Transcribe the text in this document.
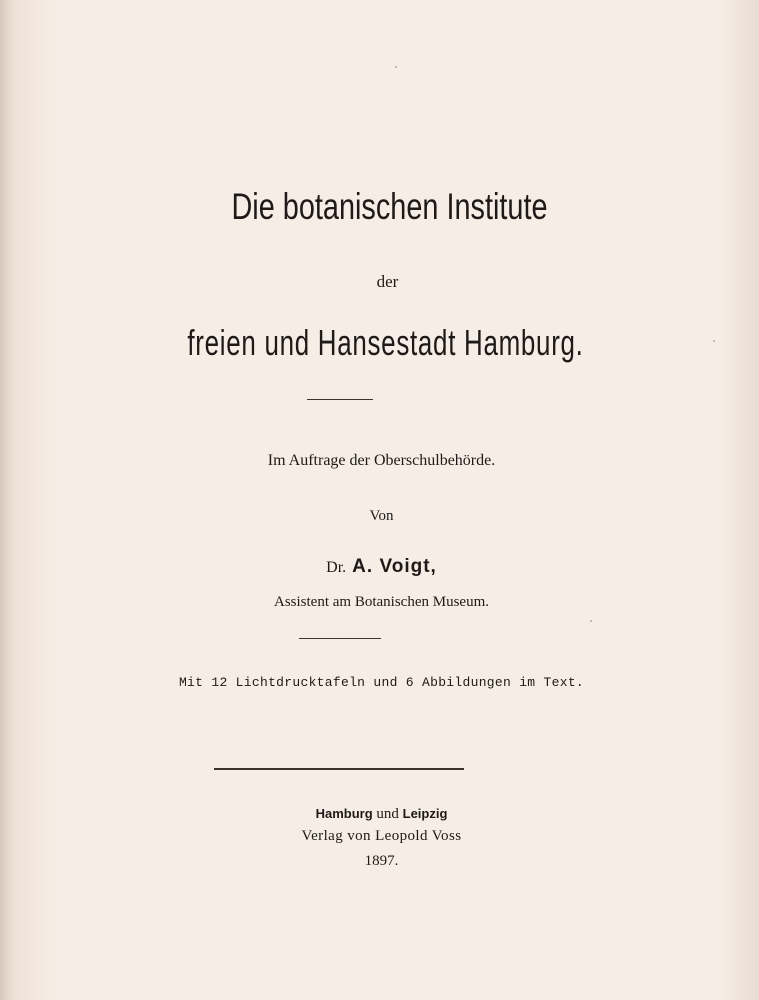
Die botanischen Institute
der
freien und Hansestadt Hamburg.
Im Auftrage der Oberschulbehörde.
Von
Dr. A. Voigt,
Assistent am Botanischen Museum.
Mit 12 Lichtdrucktafeln und 6 Abbildungen im Text.
Hamburg und Leipzig
Verlag von Leopold Voss
1897.
